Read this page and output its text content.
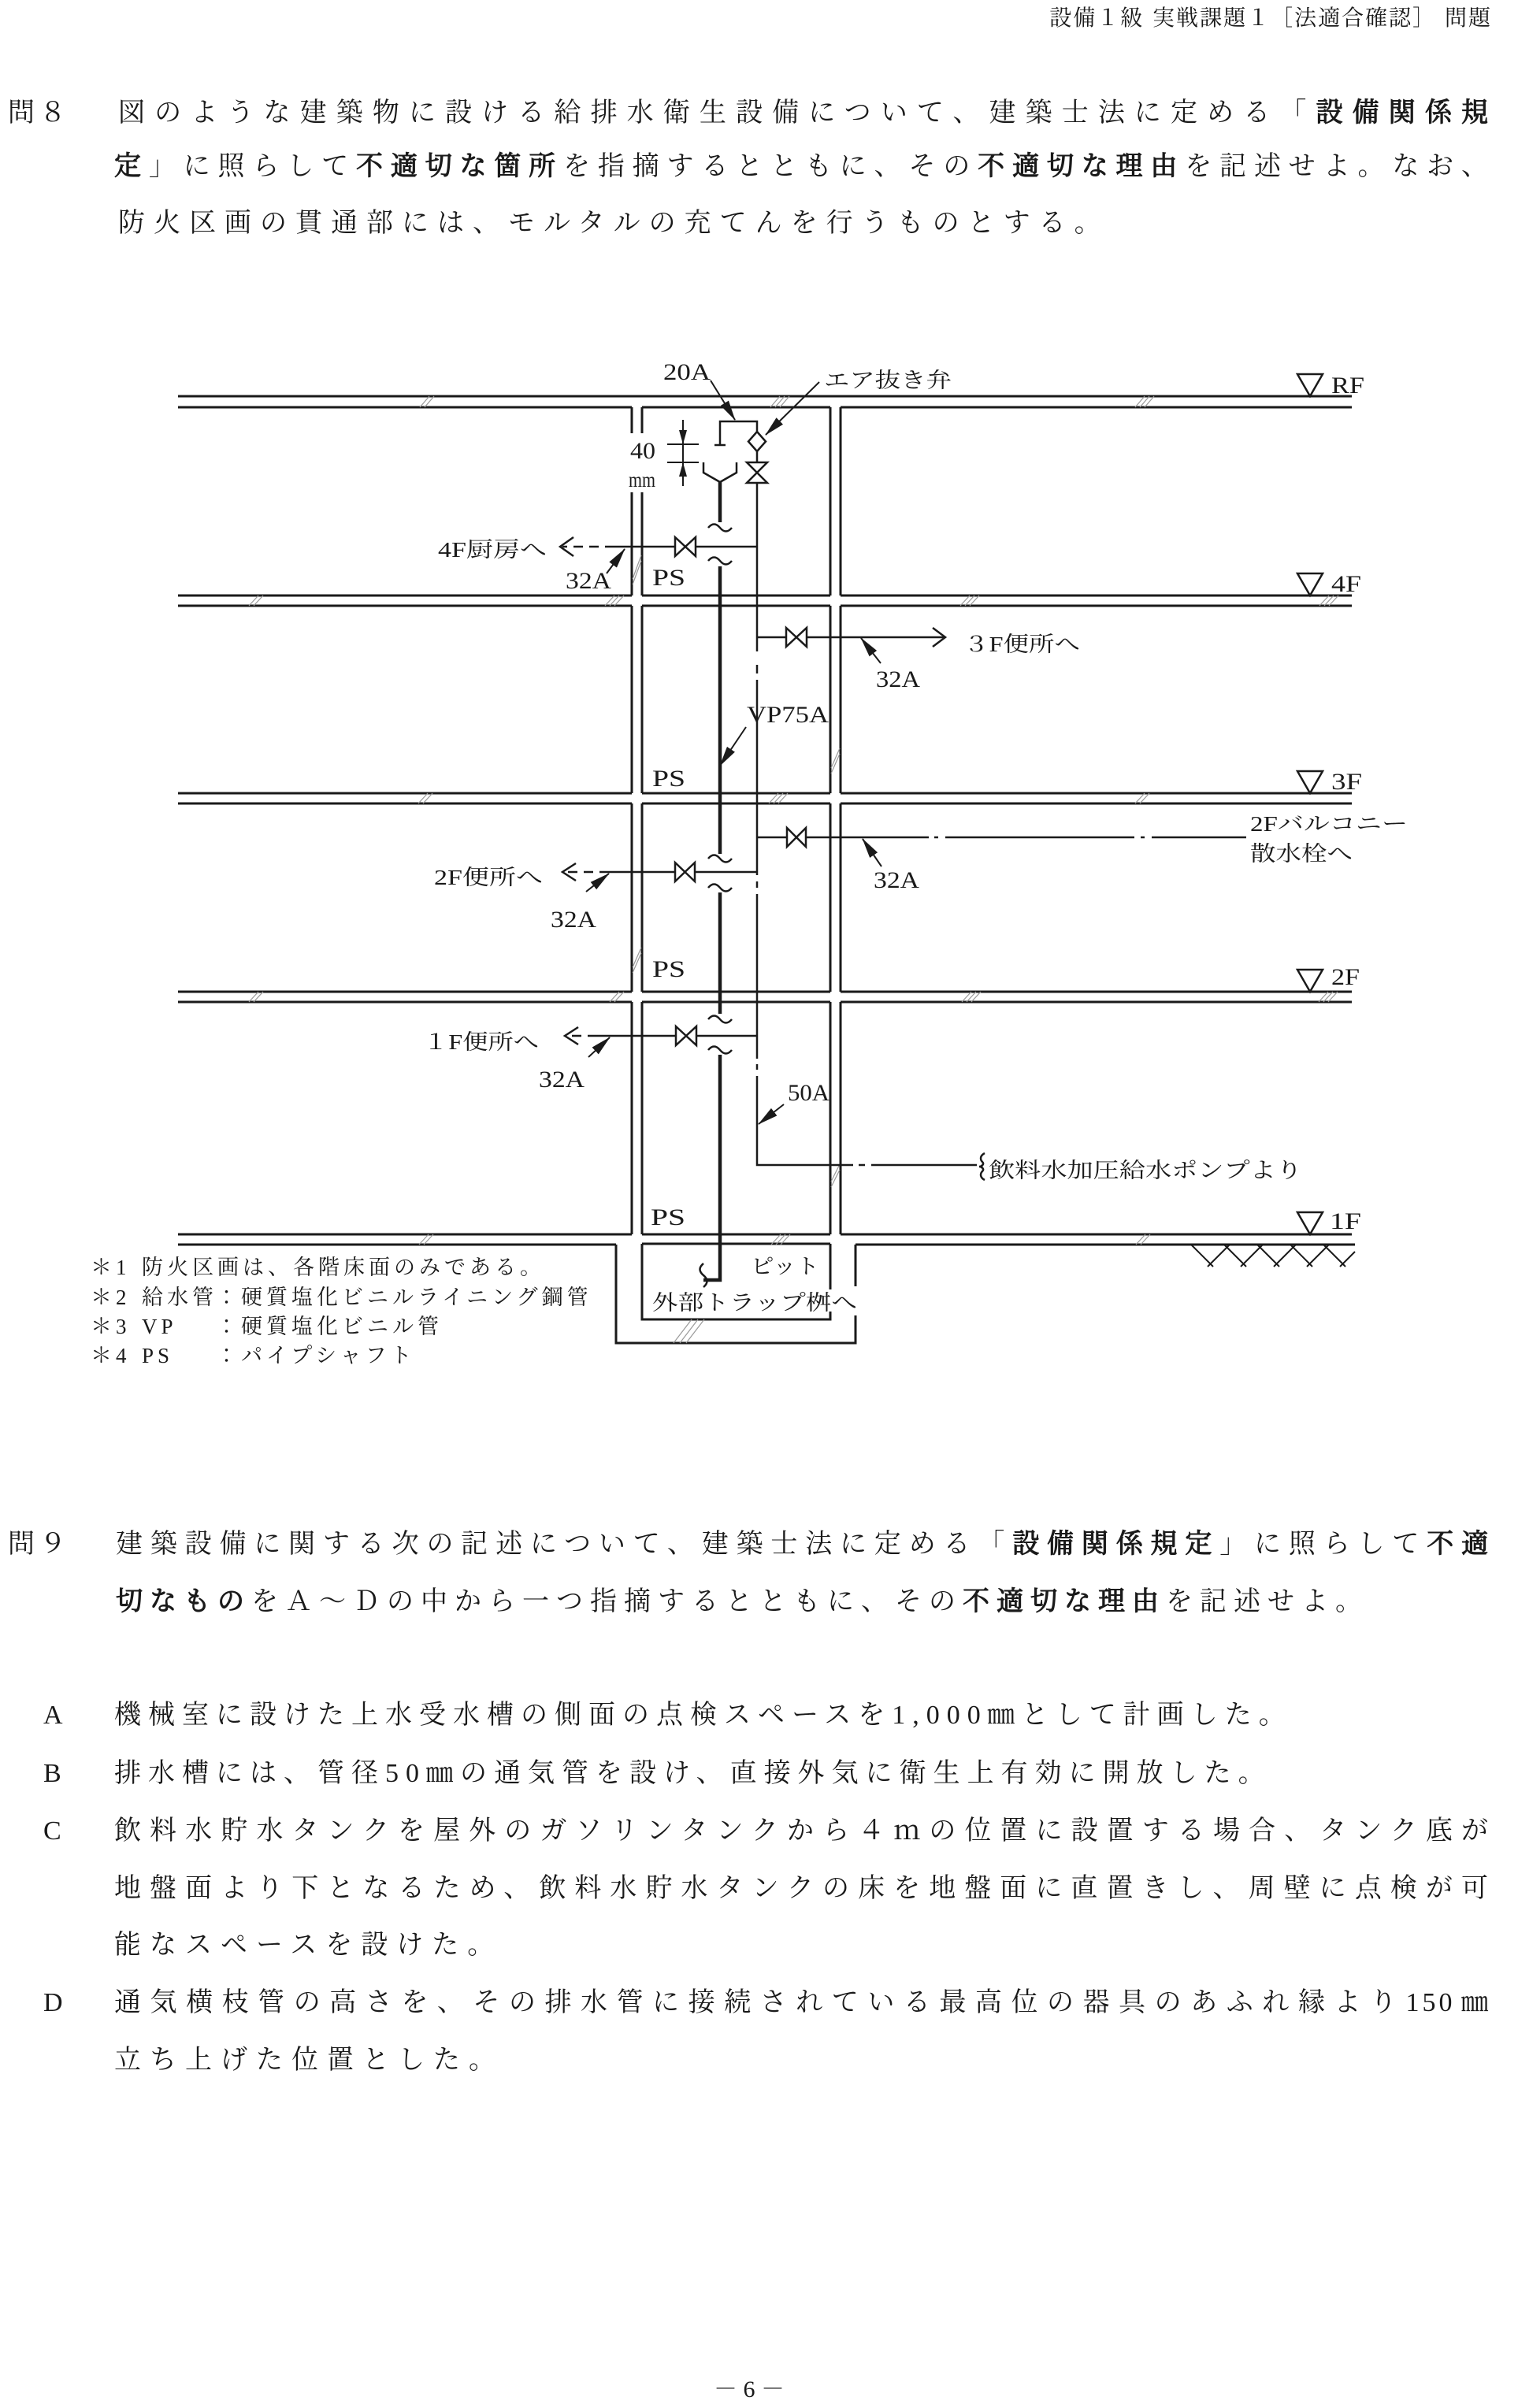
設備１級 実戦課題１［法適合確認］ 問題
問８ 図のような建築物に設ける給排水衛生設備について、建築士法に定める「設備関係規
定」に照らして不適切な箇所を指摘するとともに、その不適切な理由を記述せよ。なお、
防火区画の貫通部には、モルタルの充てんを行うものとする。
RF
4F
3F
2F
1F
20A	エア抜き弁
40
mm
4F厨房へ
32A
３F便所へ
32A
VP75A
2Fバルコニー
散水栓へ
32A
2F便所へ
32A
１F便所へ
32A
50A
飲料水加圧給水ポンプより
PS
PS
PS
PS
ピット
外部トラップ桝へ
＊1 防火区画は、各階床面のみである。
＊2 給水管
：硬質塩化ビニルライニング鋼管
＊3 VP ：硬質塩化ビニル管
＊4 PS ：パイプシャフト
問９ 建築設備に関する次の記述について、建築士法に定める「設備関係規定」に照らして不適
切なものをＡ～Ｄの中から一つ指摘するとともに、その不適切な理由を記述せよ。
A 機械室に設けた上水受水槽の側面の点検スペースを1,000㎜として計画した。
B 排水槽には、管径50㎜の通気管を設け、直接外気に衛生上有効に開放した。
C 飲料水貯水タンクを屋外のガソリンタンクから４ｍの位置に設置する場合、タンク底が
地盤面より下となるため、飲料水貯水タンクの床を地盤面に直置きし、周壁に点検が可
能なスペースを設けた。
D 通気横枝管の高さを、その排水管に接続されている最高位の器具のあふれ縁より150㎜
立ち上げた位置とした。
－ 6 －
